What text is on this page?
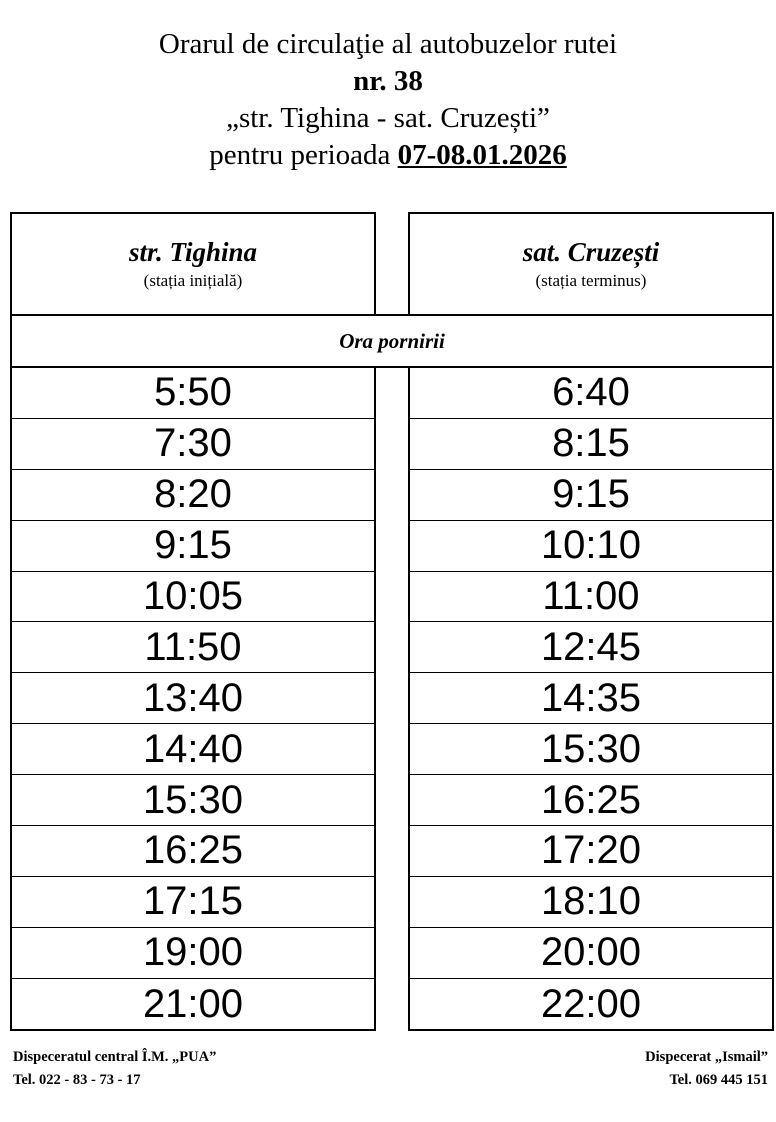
Orarul de circulaţie al autobuzelor rutei
nr. 38
„str. Tighina - sat. Cruzești”
pentru perioada 07-08.01.2026
str. Tighina
(stația inițială)
sat. Cruzești
(stația terminus)
Ora pornirii
5:50
7:30
8:20
9:15
10:05
11:50
13:40
14:40
15:30
16:25
17:15
19:00
21:00
6:40
8:15
9:15
10:10
11:00
12:45
14:35
15:30
16:25
17:20
18:10
20:00
22:00
Dispeceratul central Î.M. „PUA”
Tel. 022 - 83 - 73 - 17
Dispecerat „Ismail”
Tel. 069 445 151
